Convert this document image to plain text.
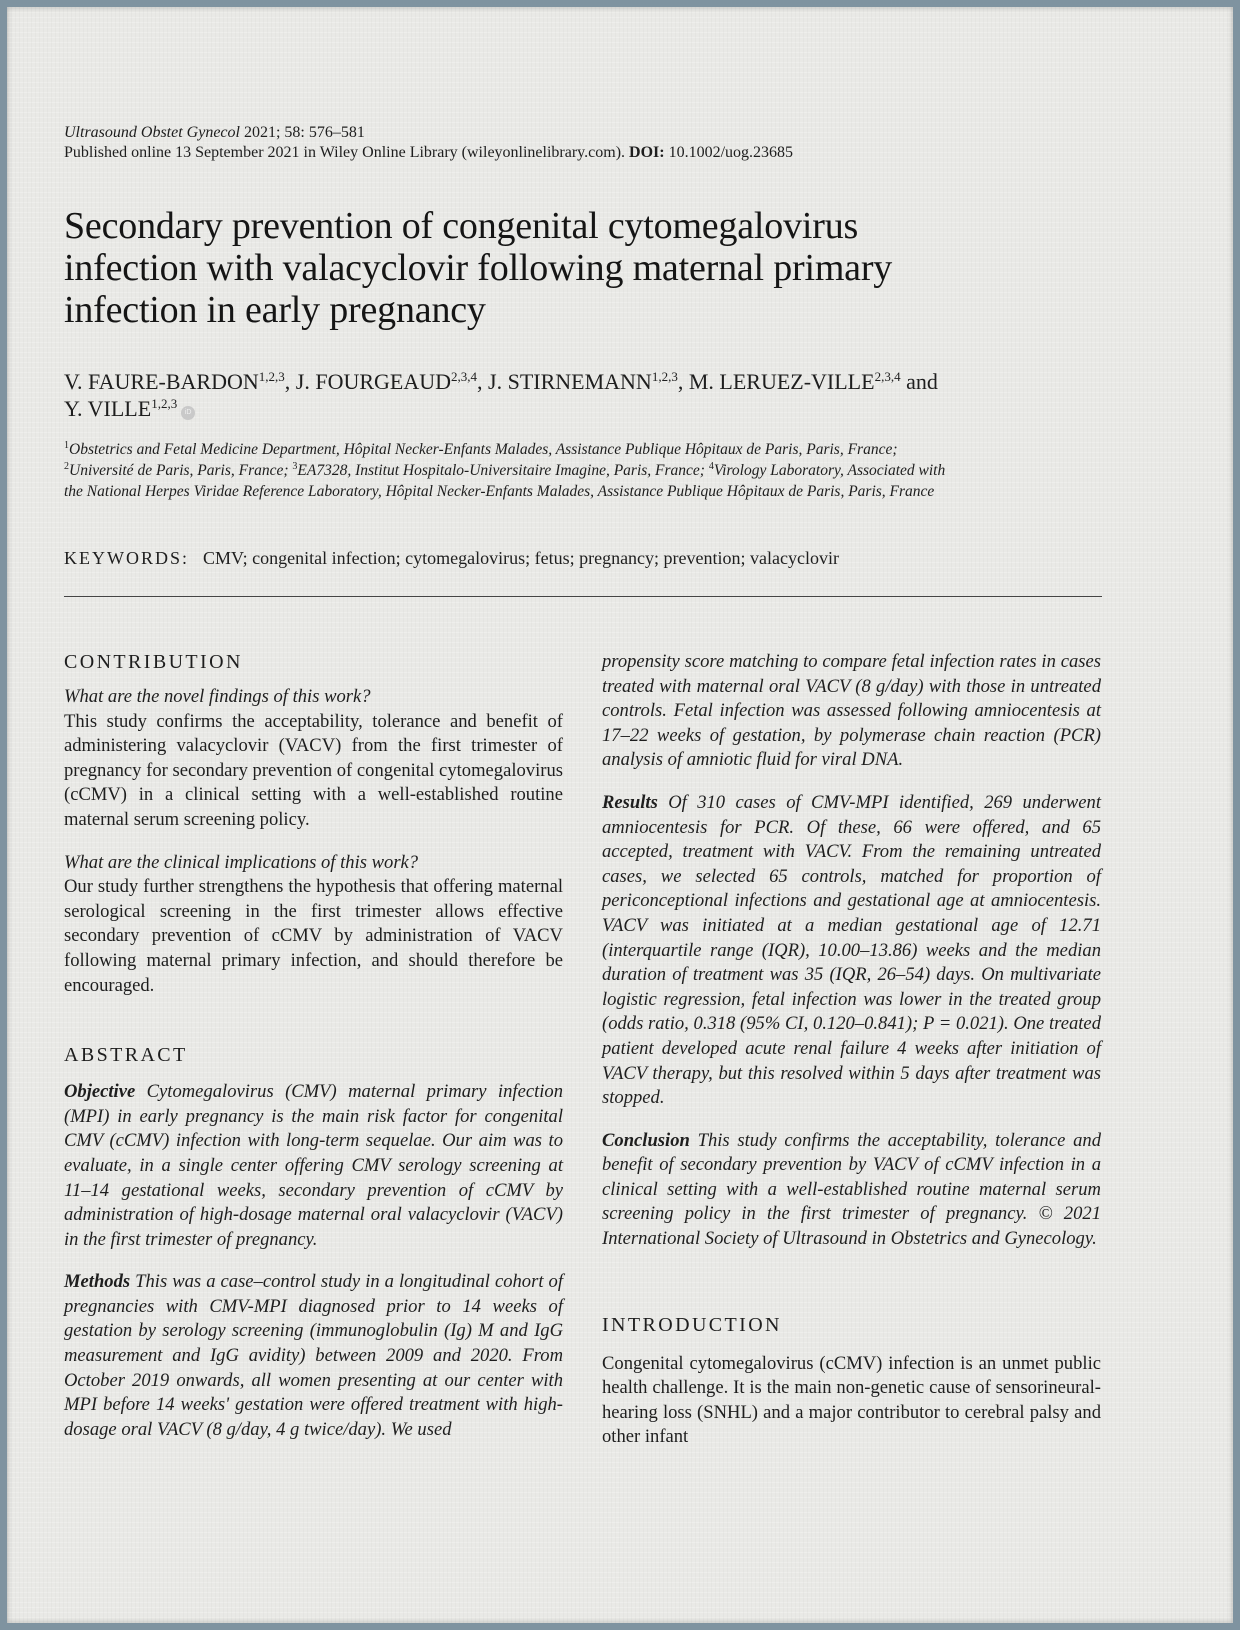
Ultrasound Obstet Gynecol 2021; 58: 576–581
Published online 13 September 2021 in Wiley Online Library (wileyonlinelibrary.com). DOI: 10.1002/uog.23685
Secondary prevention of congenital cytomegalovirus
infection with valacyclovir following maternal primary
infection in early pregnancy
V. FAURE-BARDON$^{1,2,3}$, J. FOURGEAUD$^{2,3,4}$, J. STIRNEMANN$^{1,2,3}$, M. LERUEZ-VILLE$^{2,3,4}$ and
Y. VILLE$^{1,2,3}$iD
$^1$Obstetrics and Fetal Medicine Department, Hôpital Necker-Enfants Malades, Assistance Publique Hôpitaux de Paris, Paris, France;
$^2$Université de Paris, Paris, France; $^3$EA7328, Institut Hospitalo-Universitaire Imagine, Paris, France; $^4$Virology Laboratory, Associated with
the National Herpes Viridae Reference Laboratory, Hôpital Necker-Enfants Malades, Assistance Publique Hôpitaux de Paris, Paris, France
KEYWORDS: CMV; congenital infection; cytomegalovirus; fetus; pregnancy; prevention; valacyclovir
CONTRIBUTION

What are the novel findings of this work?

This study confirms the acceptability, tolerance and benefit of administering valacyclovir (VACV) from the first trimester of pregnancy for secondary prevention of congenital cytomegalovirus (cCMV) in a clinical setting with a well-established routine maternal serum screening policy.

What are the clinical implications of this work?

Our study further strengthens the hypothesis that offering maternal serological screening in the first trimester allows effective secondary prevention of cCMV by administration of VACV following maternal primary infection, and should therefore be encouraged.

ABSTRACT

Objective Cytomegalovirus (CMV) maternal primary infection (MPI) in early pregnancy is the main risk factor for congenital CMV (cCMV) infection with long-term sequelae. Our aim was to evaluate, in a single center offering CMV serology screening at 11–14 gestational weeks, secondary prevention of cCMV by administration of high-dosage maternal oral valacyclovir (VACV) in the first trimester of pregnancy.

Methods This was a case–control study in a longitudinal cohort of pregnancies with CMV-MPI diagnosed prior to 14 weeks of gestation by serology screening (immunoglobulin (Ig) M and IgG measurement and IgG avidity) between 2009 and 2020. From October 2019 onwards, all women presenting at our center with MPI before 14 weeks' gestation were offered treatment with high-dosage oral VACV (8 g/day, 4 g twice/day). We used

propensity score matching to compare fetal infection rates in cases treated with maternal oral VACV (8 g/day) with those in untreated controls. Fetal infection was assessed following amniocentesis at 17–22 weeks of gestation, by polymerase chain reaction (PCR) analysis of amniotic fluid for viral DNA.

Results Of 310 cases of CMV-MPI identified, 269 underwent amniocentesis for PCR. Of these, 66 were offered, and 65 accepted, treatment with VACV. From the remaining untreated cases, we selected 65 controls, matched for proportion of periconceptional infections and gestational age at amniocentesis. VACV was initiated at a median gestational age of 12.71 (interquartile range (IQR), 10.00–13.86) weeks and the median duration of treatment was 35 (IQR, 26–54) days. On multivariate logistic regression, fetal infection was lower in the treated group (odds ratio, 0.318 (95% CI, 0.120–0.841); P = 0.021). One treated patient developed acute renal failure 4 weeks after initiation of VACV therapy, but this resolved within 5 days after treatment was stopped.

Conclusion This study confirms the acceptability, tolerance and benefit of secondary prevention by VACV of cCMV infection in a clinical setting with a well-established routine maternal serum screening policy in the first trimester of pregnancy. © 2021 International Society of Ultrasound in Obstetrics and Gynecology.

INTRODUCTION

Congenital cytomegalovirus (cCMV) infection is an unmet public health challenge. It is the main non-genetic cause of sensorineural-hearing loss (SNHL) and a major contributor to cerebral palsy and other infant
